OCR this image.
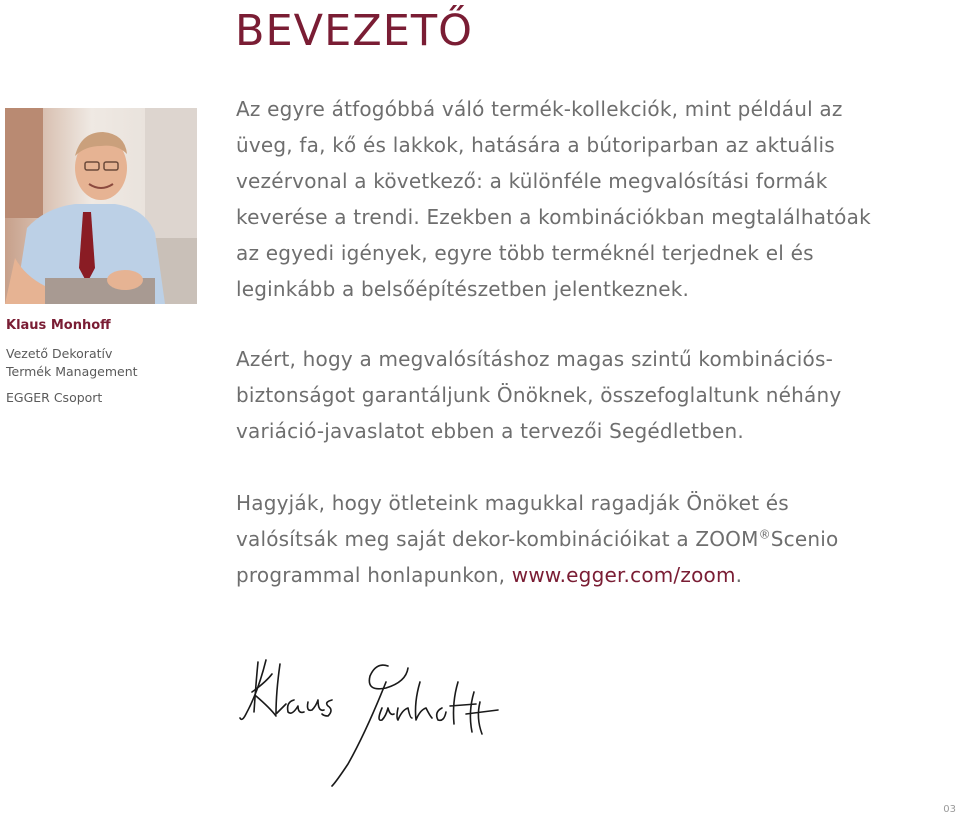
BEVEZETŐ
Klaus Monhoff
Vezető Dekoratív
Termék Management
EGGER Csoport

Az egyre átfogóbbá váló termék-kollekciók, mint például az
üveg, fa, kő és lakkok, hatására a bútoriparban az aktuális
vezérvonal a következő: a különféle megvalósítási formák
keverése a trendi. Ezekben a kombinációkban megtalálhatóak
az egyedi igények, egyre több terméknél terjednek el és
leginkább a belsőépítészetben jelentkeznek.

Azért, hogy a megvalósításhoz magas szintű kombinációs-
biztonságot garantáljunk Önöknek, összefoglaltunk néhány
variáció-javaslatot ebben a tervezői Segédletben.

Hagyják, hogy ötleteink magukkal ragadják Önöket és
valósítsák meg saját dekor-kombinációikat a ZOOM®Scenio
programmal honlapunkon, www.egger.com/zoom.

03
